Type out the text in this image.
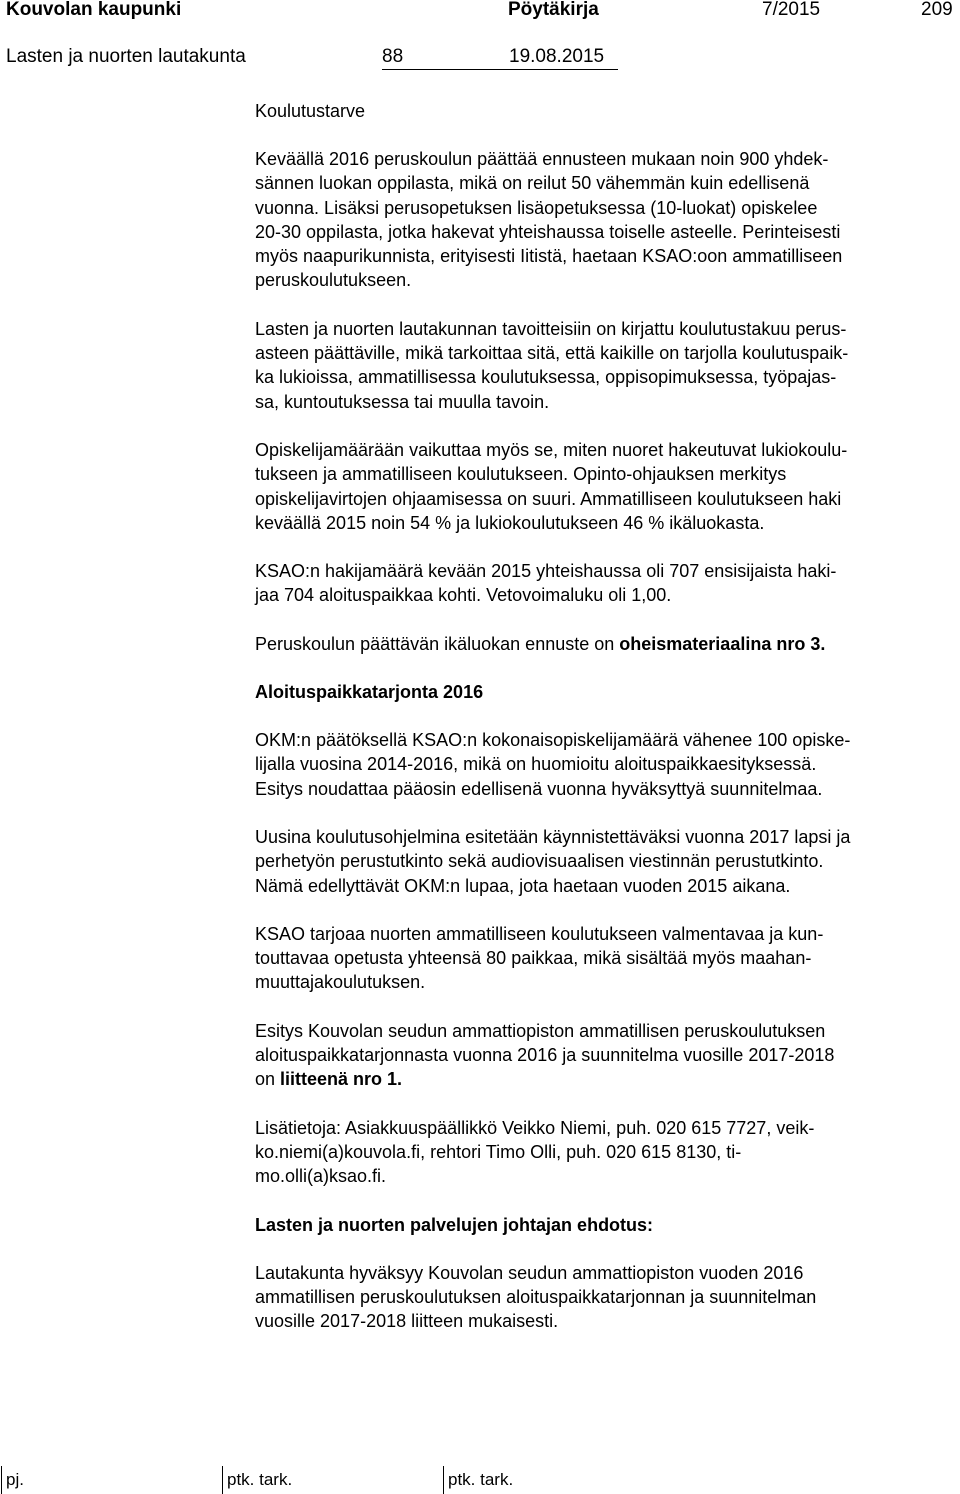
Kouvolan kaupunki	Pöytäkirja	7/2015	209
Lasten ja nuorten lautakunta	88	19.08.2015
Koulutustarve
Keväällä 2016 peruskoulun päättää ennusteen mukaan noin 900 yhdek-
sännen luokan oppilasta, mikä on reilut 50 vähemmän kuin edellisenä
vuonna. Lisäksi perusopetuksen lisäopetuksessa (10-luokat) opiskelee
20-30 oppilasta, jotka hakevat yhteishaussa toiselle asteelle. Perinteisesti
myös naapurikunnista, erityisesti Iitistä, haetaan KSAO:oon ammatilliseen
peruskoulutukseen.
Lasten ja nuorten lautakunnan tavoitteisiin on kirjattu koulutustakuu perus-
asteen päättäville, mikä tarkoittaa sitä, että kaikille on tarjolla koulutuspaik-
ka lukioissa, ammatillisessa koulutuksessa, oppisopimuksessa, työpajas-
sa, kuntoutuksessa tai muulla tavoin.
Opiskelijamäärään vaikuttaa myös se, miten nuoret hakeutuvat lukiokoulu-
tukseen ja ammatilliseen koulutukseen. Opinto-ohjauksen merkitys
opiskelijavirtojen ohjaamisessa on suuri. Ammatilliseen koulutukseen haki
keväällä 2015 noin 54 % ja lukiokoulutukseen 46 % ikäluokasta.
KSAO:n hakijamäärä kevään 2015 yhteishaussa oli 707 ensisijaista haki-
jaa 704 aloituspaikkaa kohti. Vetovoimaluku oli 1,00.
Peruskoulun päättävän ikäluokan ennuste on oheismateriaalina nro 3.
Aloituspaikkatarjonta 2016
OKM:n päätöksellä KSAO:n kokonaisopiskelijamäärä vähenee 100 opiske-
lijalla vuosina 2014-2016, mikä on huomioitu aloituspaikkaesityksessä.
Esitys noudattaa pääosin edellisenä vuonna hyväksyttyä suunnitelmaa.
Uusina koulutusohjelmina esitetään käynnistettäväksi vuonna 2017 lapsi ja
perhetyön perustutkinto sekä audiovisuaalisen viestinnän perustutkinto.
Nämä edellyttävät OKM:n lupaa, jota haetaan vuoden 2015 aikana.
KSAO tarjoaa nuorten ammatilliseen koulutukseen valmentavaa ja kun-
touttavaa opetusta yhteensä 80 paikkaa, mikä sisältää myös maahan-
muuttajakoulutuksen.
Esitys Kouvolan seudun ammattiopiston ammatillisen peruskoulutuksen
aloituspaikkatarjonnasta vuonna 2016 ja suunnitelma vuosille 2017-2018
on liitteenä nro 1.
Lisätietoja: Asiakkuuspäällikkö Veikko Niemi, puh. 020 615 7727, veik-
ko.niemi(a)kouvola.fi, rehtori Timo Olli, puh. 020 615 8130, ti-
mo.olli(a)ksao.fi.
Lasten ja nuorten palvelujen johtajan ehdotus:
Lautakunta hyväksyy Kouvolan seudun ammattiopiston vuoden 2016
ammatillisen peruskoulutuksen aloituspaikkatarjonnan ja suunnitelman
vuosille 2017-2018 liitteen mukaisesti.
pj.	ptk. tark.	ptk. tark.
